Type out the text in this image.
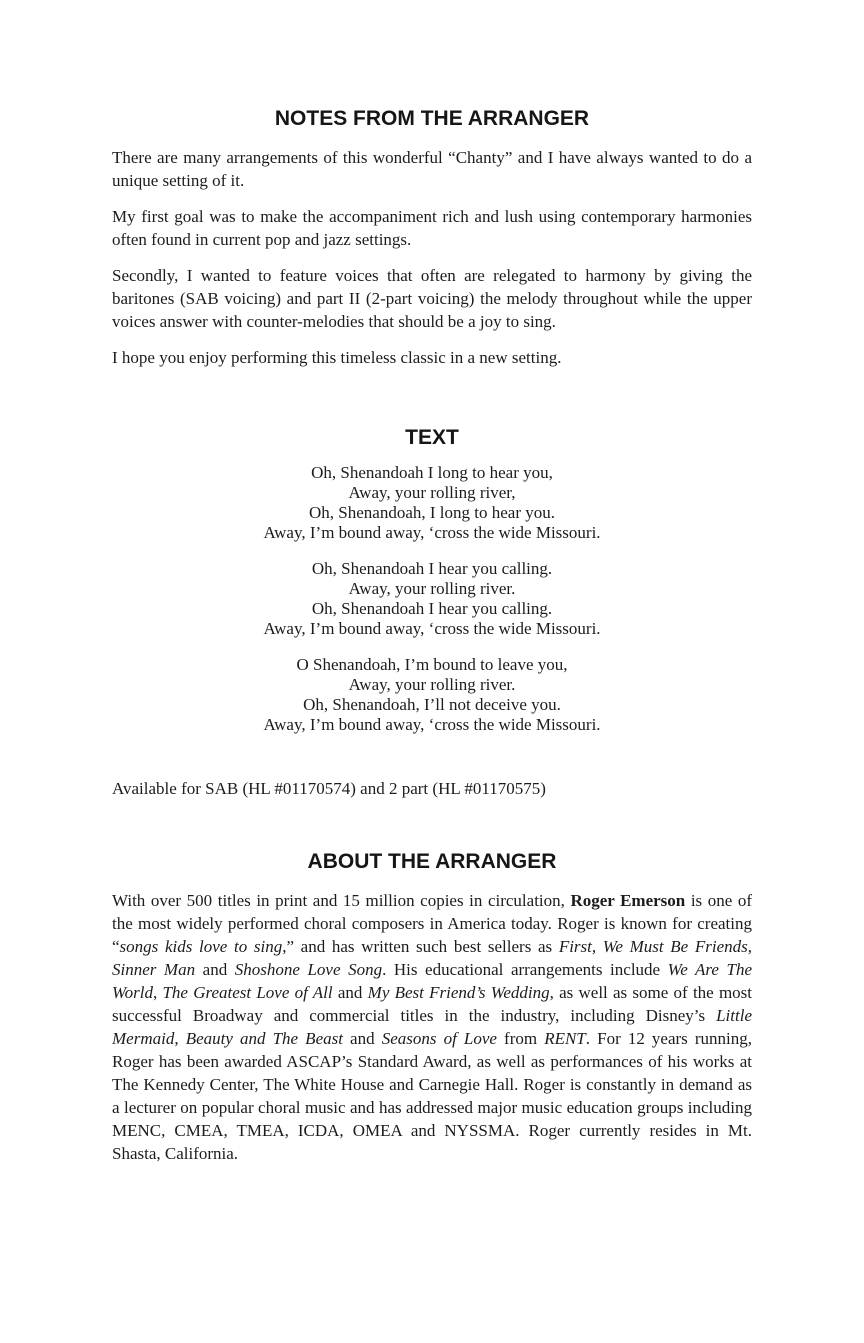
NOTES FROM THE ARRANGER

There are many arrangements of this wonderful “Chanty” and I have always wanted to do a unique setting of it.

My first goal was to make the accompaniment rich and lush using contemporary harmonies often found in current pop and jazz settings.

Secondly, I wanted to feature voices that often are relegated to harmony by giving the baritones (SAB voicing) and part II (2-part voicing) the melody throughout while the upper voices answer with counter-melodies that should be a joy to sing.

I hope you enjoy performing this timeless classic in a new setting.

TEXT
Oh, Shenandoah I long to hear you,
Away, your rolling river,
Oh, Shenandoah, I long to hear you.
Away, I’m bound away, ‘cross the wide Missouri.
Oh, Shenandoah I hear you calling.
Away, your rolling river.
Oh, Shenandoah I hear you calling.
Away, I’m bound away, ‘cross the wide Missouri.
O Shenandoah, I’m bound to leave you,
Away, your rolling river.
Oh, Shenandoah, I’ll not deceive you.
Away, I’m bound away, ‘cross the wide Missouri.
Available for SAB (HL #01170574) and 2 part (HL #01170575)
ABOUT THE ARRANGER

With over 500 titles in print and 15 million copies in circulation, Roger Emerson is one of the most widely performed choral composers in America today. Roger is known for creating “songs kids love to sing,” and has written such best sellers as First, We Must Be Friends, Sinner Man and Shoshone Love Song. His educational arrangements include We Are The World, The Greatest Love of All and My Best Friend’s Wedding, as well as some of the most successful Broadway and commercial titles in the industry, including Disney’s Little Mermaid, Beauty and The Beast and Seasons of Love from RENT. For 12 years running, Roger has been awarded ASCAP’s Standard Award, as well as performances of his works at The Kennedy Center, The White House and Carnegie Hall. Roger is constantly in demand as a lecturer on popular choral music and has addressed major music education groups including MENC, CMEA, TMEA, ICDA, OMEA and NYSSMA. Roger currently resides in Mt. Shasta, California.
